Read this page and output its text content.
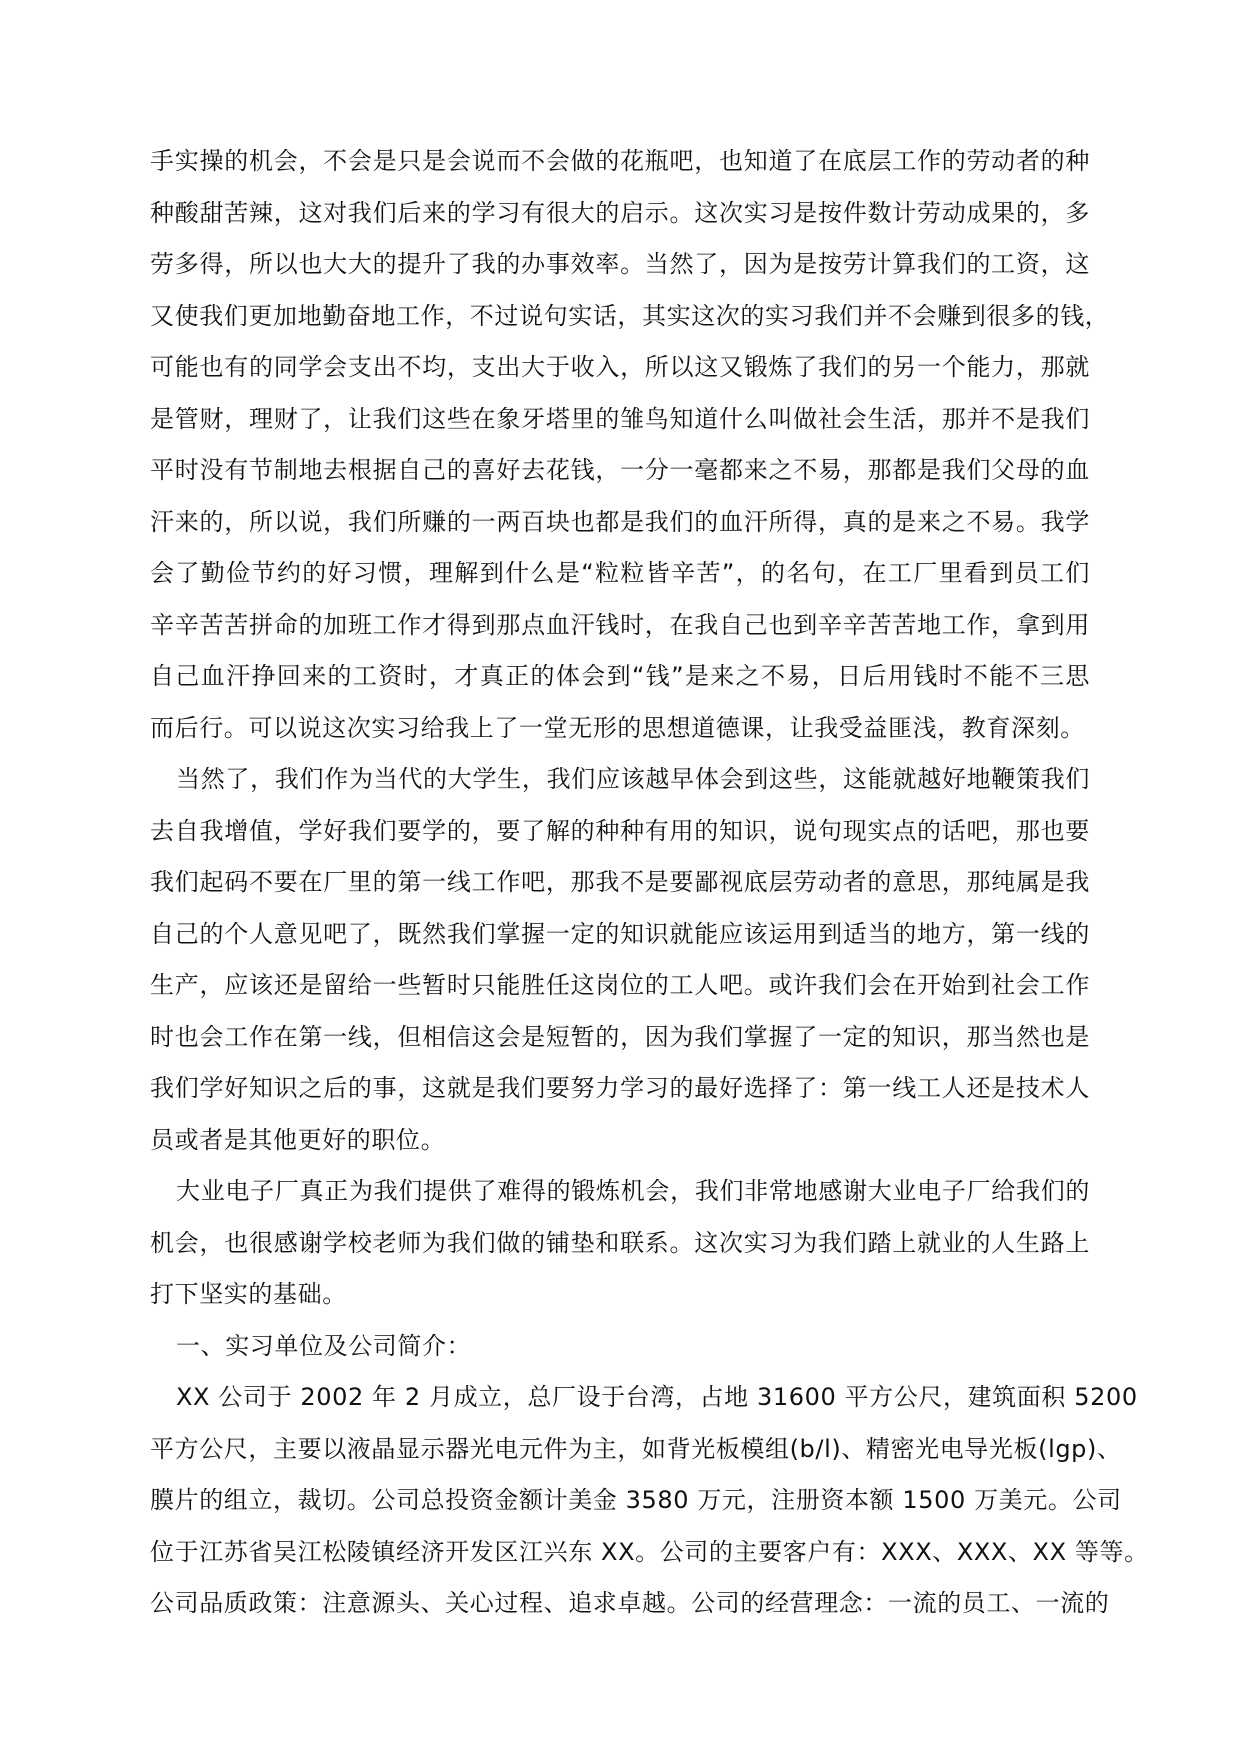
手实操的机会，不会是只是会说而不会做的花瓶吧，也知道了在底层工作的劳动者的种
种酸甜苦辣，这对我们后来的学习有很大的启示。这次实习是按件数计劳动成果的，多
劳多得，所以也大大的提升了我的办事效率。当然了，因为是按劳计算我们的工资，这
又使我们更加地勤奋地工作，不过说句实话，其实这次的实习我们并不会赚到很多的钱，
可能也有的同学会支出不均，支出大于收入，所以这又锻炼了我们的另一个能力，那就
是管财，理财了，让我们这些在象牙塔里的雏鸟知道什么叫做社会生活，那并不是我们
平时没有节制地去根据自己的喜好去花钱，一分一毫都来之不易，那都是我们父母的血
汗来的，所以说，我们所赚的一两百块也都是我们的血汗所得，真的是来之不易。我学
会了勤俭节约的好习惯，理解到什么是“粒粒皆辛苦”，的名句，在工厂里看到员工们
辛辛苦苦拼命的加班工作才得到那点血汗钱时，在我自己也到辛辛苦苦地工作，拿到用
自己血汗挣回来的工资时，才真正的体会到“钱”是来之不易，日后用钱时不能不三思
而后行。可以说这次实习给我上了一堂无形的思想道德课，让我受益匪浅，教育深刻。
当然了，我们作为当代的大学生，我们应该越早体会到这些，这能就越好地鞭策我们
去自我增值，学好我们要学的，要了解的种种有用的知识，说句现实点的话吧，那也要
我们起码不要在厂里的第一线工作吧，那我不是要鄙视底层劳动者的意思，那纯属是我
自己的个人意见吧了，既然我们掌握一定的知识就能应该运用到适当的地方，第一线的
生产，应该还是留给一些暂时只能胜任这岗位的工人吧。或许我们会在开始到社会工作
时也会工作在第一线，但相信这会是短暂的，因为我们掌握了一定的知识，那当然也是
我们学好知识之后的事，这就是我们要努力学习的最好选择了：第一线工人还是技术人
员或者是其他更好的职位。
大业电子厂真正为我们提供了难得的锻炼机会，我们非常地感谢大业电子厂给我们的
机会，也很感谢学校老师为我们做的铺垫和联系。这次实习为我们踏上就业的人生路上
打下坚实的基础。
一、实习单位及公司简介：
XX 公司于 2002 年 2 月成立，总厂设于台湾，占地 31600 平方公尺，建筑面积 5200
平方公尺，主要以液晶显示器光电元件为主，如背光板模组(b/l)、精密光电导光板(lgp)、
膜片的组立，裁切。公司总投资金额计美金 3580 万元，注册资本额 1500 万美元。公司
位于江苏省吴江松陵镇经济开发区江兴东 XX。公司的主要客户有：XXX、XXX、XX 等等。
公司品质政策：注意源头、关心过程、追求卓越。公司的经营理念：一流的员工、一流的
